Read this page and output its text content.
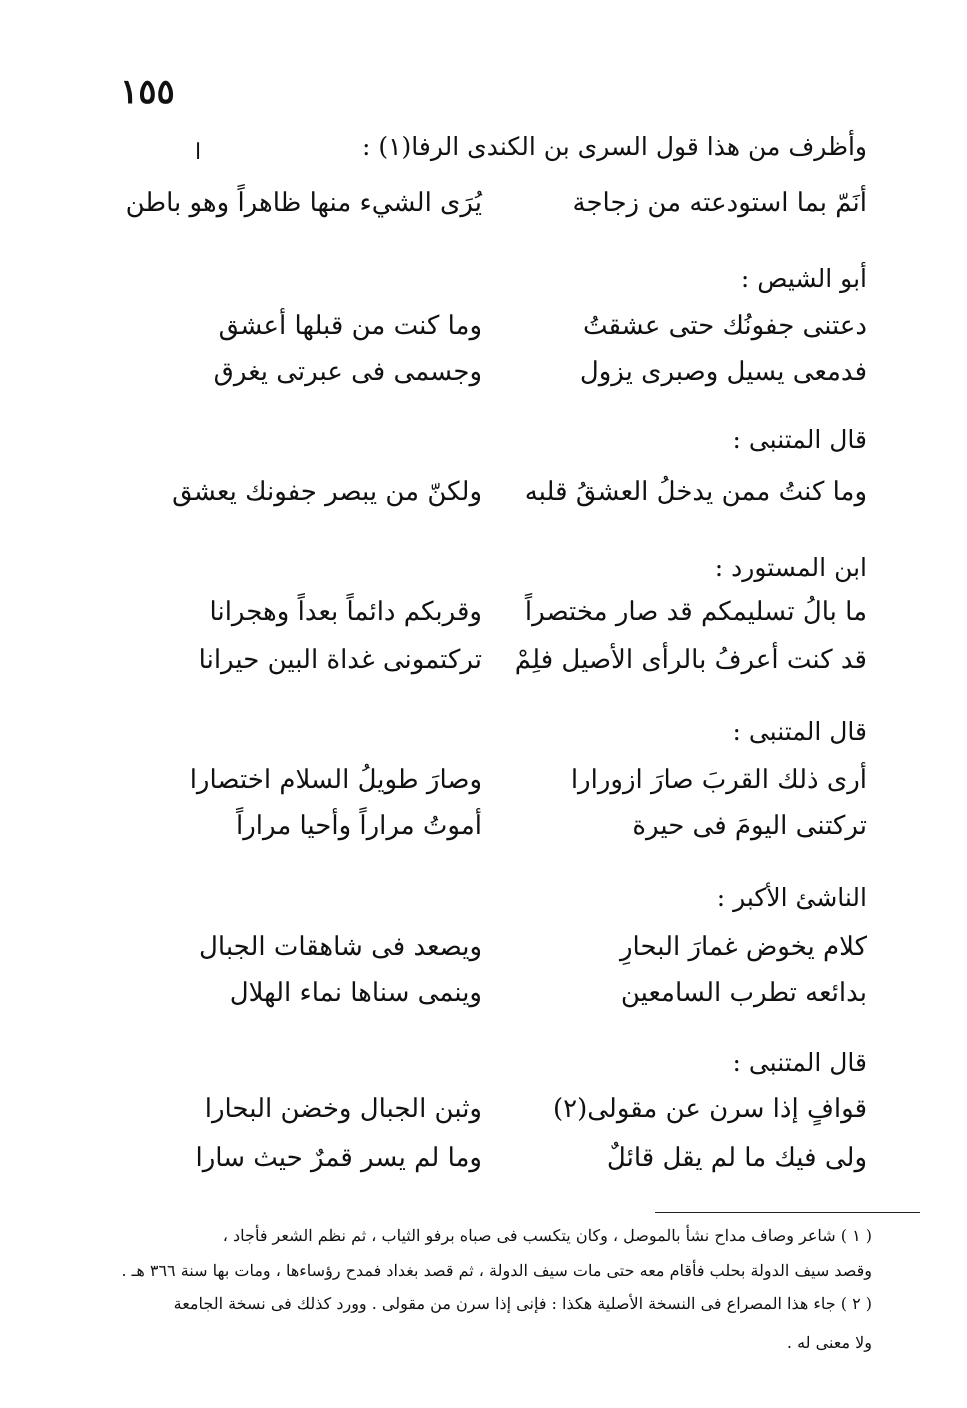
١٥٥
ا	وأظرف من هذا قول السرى بن الكندى الرفا(١) :
أنَمّ بما استودعته من زجاجة
يُرَى الشيء منها ظاهراً وهو باطن
أبو الشيص :
دعتنى جفونُك حتى عشقتُ
وما كنت من قبلها أعشق
فدمعى يسيل وصبرى يزول
وجسمى فى عبرتى يغرق
قال المتنبى :
وما كنتُ ممن يدخلُ العشقُ قلبه
ولكنّ من يبصر جفونك يعشق
ابن المستورد :
ما بالُ تسليمكم قد صار مختصراً
وقربكم دائماً بعداً وهجرانا
قد كنت أعرفُ بالرأى الأصيل فلِمْ
تركتمونى غداة البين حيرانا
قال المتنبى :
أرى ذلك القربَ صارَ ازورارا
وصارَ طويلُ السلام اختصارا
تركتنى اليومَ فى حيرة
أموتُ مراراً وأحيا مراراً
الناشئ الأكبر :
كلام يخوض غمارَ البحارِ
ويصعد فى شاهقات الجبال
بدائعه تطرب السامعين
وينمى سناها نماء الهلال
قال المتنبى :
قوافٍ إذا سرن عن مقولى(٢)
وثبن الجبال وخضن البحارا
ولى فيك ما لم يقل قائلٌ
وما لم يسر قمرٌ حيث سارا
( ١ ) شاعر وصاف مداح نشأ بالموصل ، وكان يتكسب فى صباه برفو الثياب ، ثم نظم الشعر فأجاد ،
وقصد سيف الدولة بحلب فأقام معه حتى مات سيف الدولة ، ثم قصد بغداد فمدح رؤساءها ، ومات بها سنة ٣٦٦ هـ .
( ٢ ) جاء هذا المصراع فى النسخة الأصلية هكذا : فإنى إذا سرن من مقولى . وورد كذلك فى نسخة الجامعة
ولا معنى له .
